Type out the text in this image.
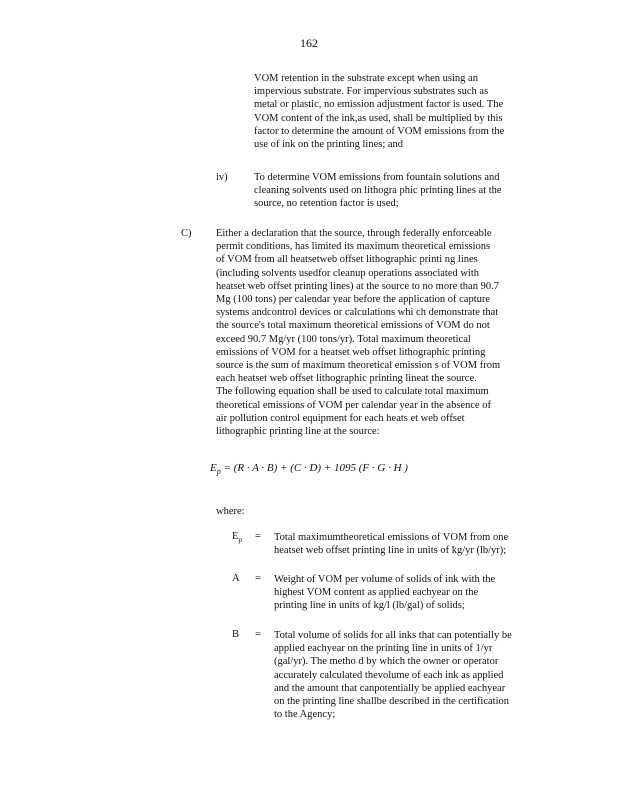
162

VOM retention in the substrate except when using an

impervious substrate. For impervious substrates such as

metal or plastic, no emission adjustment factor is used. The

VOM content of the ink,as used, shall be multiplied by this

factor to determine the amount of VOM emissions from the

use of ink on the printing lines; and

iv)	To determine VOM emissions from fountain solutions and

cleaning solvents used on lithogra phic printing lines at the

source, no retention factor is used;

C) Either a declaration that the source, through federally enforceable

permit conditions, has limited its maximum theoretical emissions

of VOM from all heatsetweb offset lithographic printi ng lines

(including solvents usedfor cleanup operations associated with

heatset web offset printing lines) at the source to no more than 90.7

Mg (100 tons) per calendar year before the application of capture

systems andcontrol devices or calculations whi ch demonstrate that

the source's total maximum theoretical emissions of VOM do not

exceed 90.7 Mg/yr (100 tons/yr). Total maximum theoretical

emissions of VOM for a heatset web offset lithographic printing

source is the sum of maximum theoretical emission s of VOM from

each heatset web offset lithographic printing lineat the source.

The following equation shall be used to calculate total maximum

theoretical emissions of VOM per calendar year in the absence of

air pollution control equipment for each heats et web offset

lithographic printing line at the source:

$E_p = (R \cdot A \cdot B) + (C \cdot D) + 1095$ (F · G · H )
where:
$E_p$ = Total maximumtheoretical emissions of VOM from one

heatset web offset printing line in units of kg/yr (lb/yr);

A = Weight of VOM per volume of solids of ink with the

highest VOM content as applied eachyear on the

printing line in units of kg/l (lb/gal) of solids;

B = Total volume of solids for all inks that can potentially be

applied eachyear on the printing line in units of 1/yr

(gal/yr). The metho d by which the owner or operator

accurately calculated thevolume of each ink as applied

and the amount that canpotentially be applied eachyear

on the printing line shallbe described in the certification

to the Agency;
